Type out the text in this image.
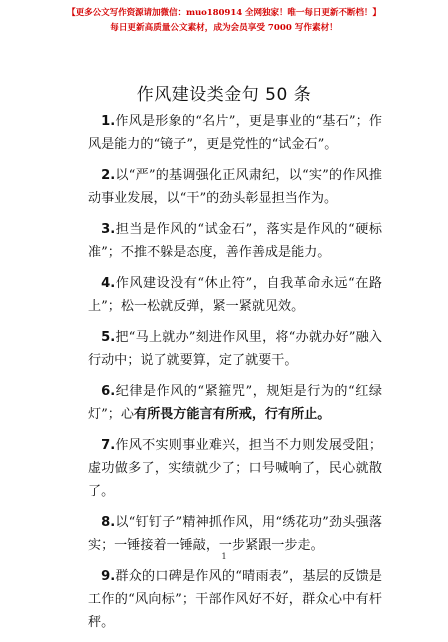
【更多公文写作资源请加微信：muo180914 全网独家！唯一每日更新不断档！】
每日更新高质量公文素材，成为会员享受 7000 写作素材！
作风建设类金句 50 条

1.作风是形象的“名片”，更是事业的“基石”；作风是能力的“镜子”，更是党性的“试金石”。

2.以“严”的基调强化正风肃纪，以“实”的作风推动事业发展，以“干”的劲头彰显担当作为。

3.担当是作风的“试金石”，落实是作风的“硬标准”；不推不躲是态度，善作善成是能力。

4.作风建设没有“休止符”，自我革命永远“在路上”；松一松就反弹，紧一紧就见效。

5.把“马上就办”刻进作风里，将“办就办好”融入行动中；说了就要算，定了就要干。

6.纪律是作风的“紧箍咒”，规矩是行为的“红绿灯”；心有所畏方能言有所戒，行有所止。

7.作风不实则事业难兴，担当不力则发展受阻；虚功做多了，实绩就少了；口号喊响了，民心就散了。

8.以“钉钉子”精神抓作风，用“绣花功”劲头强落实；一锤接着一锤敲，一步紧跟一步走。

9.群众的口碑是作风的“晴雨表”，基层的反馈是工作的“风向标”；干部作风好不好，群众心中有杆秤。

1
